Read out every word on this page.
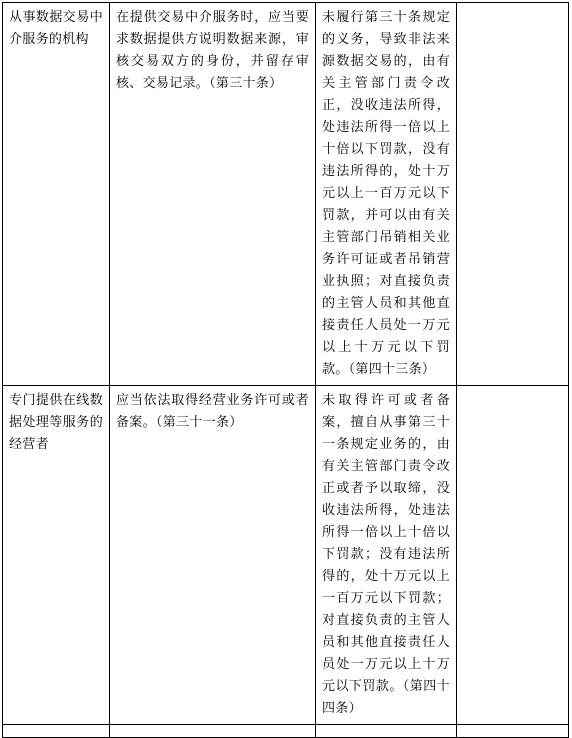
从事数据交易中介服务的机构	在提供交易中介服务时，应当要求数据提供方说明数据来源，审核交易双方的身份，并留存审核、交易记录。（第三十条）	未履行第三十条规定的义务，导致非法来源数据交易的，由有关主管部门责令改正，没收违法所得，处违法所得一倍以上十倍以下罚款，没有违法所得的，处十万元以上一百万元以下罚款，并可以由有关主管部门吊销相关业务许可证或者吊销营业执照；对直接负责的主管人员和其他直接责任人员处一万元以上十万元以下罚款。（第四十三条）	
专门提供在线数据处理等服务的经营者	应当依法取得经营业务许可或者备案。（第三十一条）	未取得许可或者备案，擅自从事第三十一条规定业务的，由有关主管部门责令改正或者予以取缔，没收违法所得，处违法所得一倍以上十倍以下罚款；没有违法所得的，处十万元以上一百万元以下罚款；对直接负责的主管人员和其他直接责任人员处一万元以上十万元以下罚款。（第四十四条）	
